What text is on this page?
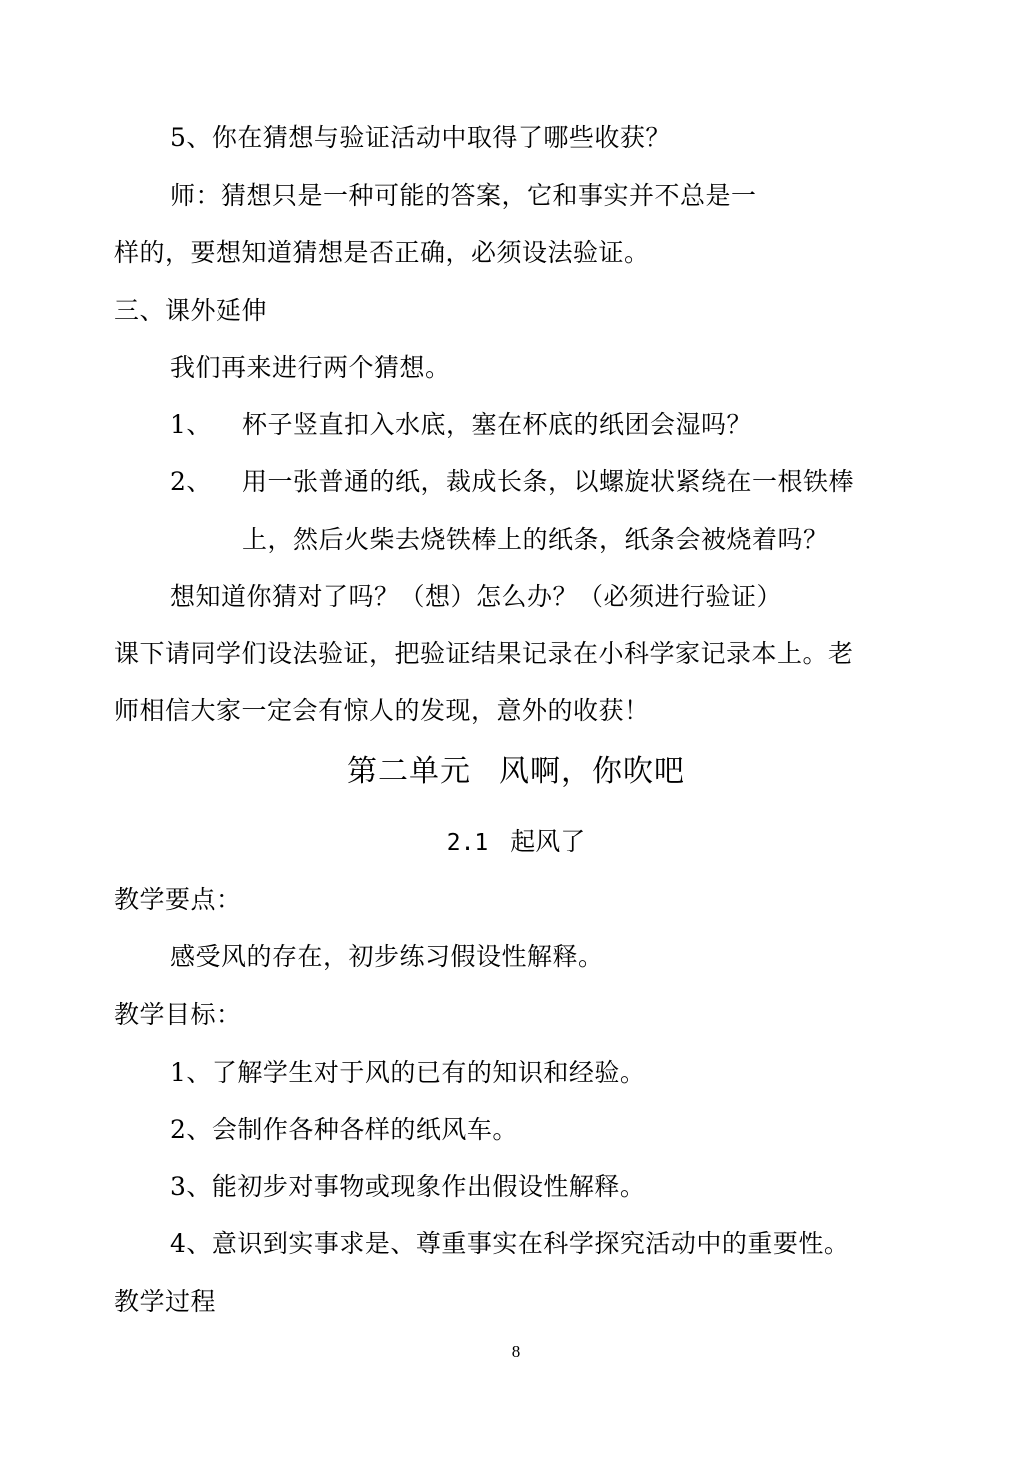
5、你在猜想与验证活动中取得了哪些收获？
师：猜想只是一种可能的答案，它和事实并不总是一
样的，要想知道猜想是否正确，必须设法验证。
三、课外延伸
我们再来进行两个猜想。
1、 杯子竖直扣入水底，塞在杯底的纸团会湿吗？
2、 用一张普通的纸，裁成长条，以螺旋状紧绕在一根铁棒
上，然后火柴去烧铁棒上的纸条，纸条会被烧着吗？
想知道你猜对了吗？（想）怎么办？（必须进行验证）
课下请同学们设法验证，把验证结果记录在小科学家记录本上。老
师相信大家一定会有惊人的发现，意外的收获！
第二单元 风啊，你吹吧
2.1 起风了
教学要点：
感受风的存在，初步练习假设性解释。
教学目标：
1、了解学生对于风的已有的知识和经验。
2、会制作各种各样的纸风车。
3、能初步对事物或现象作出假设性解释。
4、意识到实事求是、尊重事实在科学探究活动中的重要性。
教学过程
8
